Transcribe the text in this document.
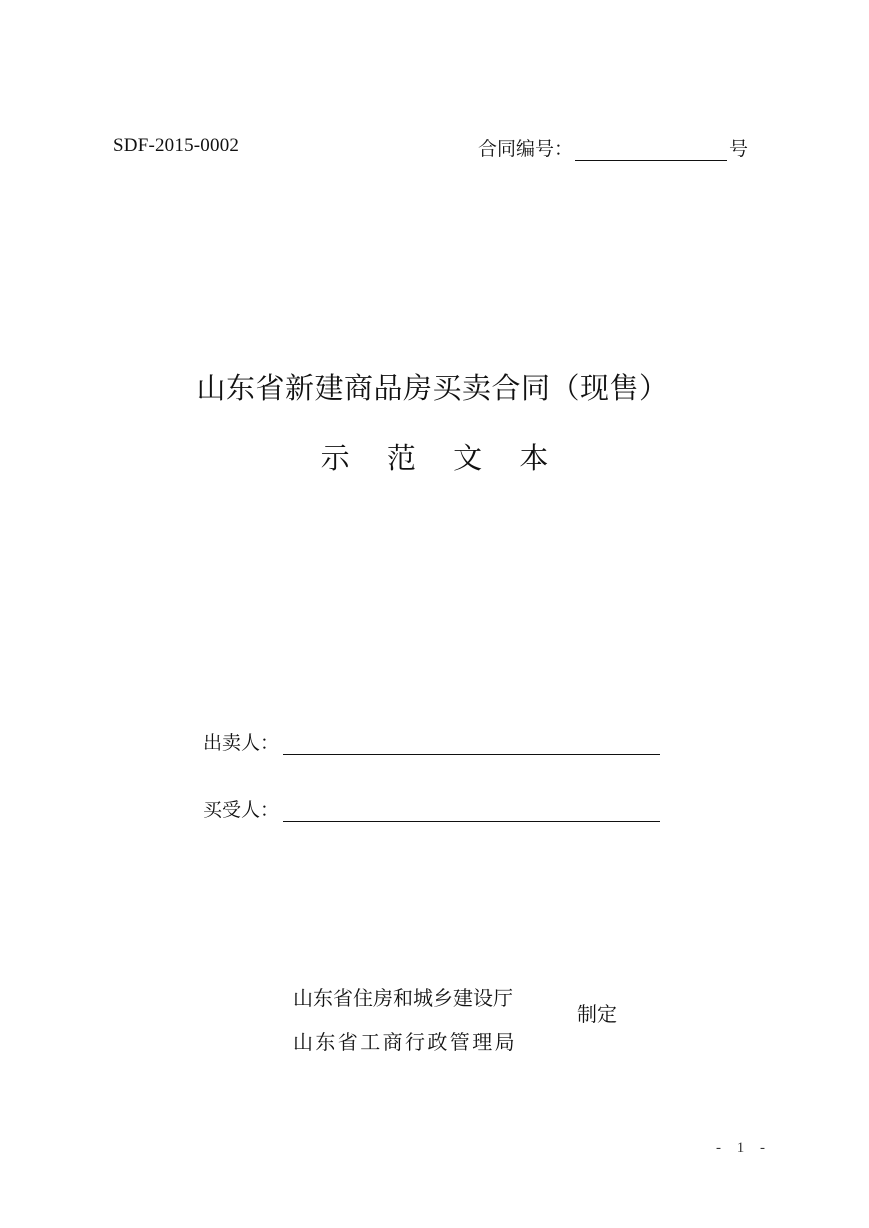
SDF-2015-0002	合同编号：	号
山东省新建商品房买卖合同（现售）
示 范 文 本
出卖人：
买受人：
山东省住房和城乡建设厅
山东省工商行政管理局
制定
- 1 -
